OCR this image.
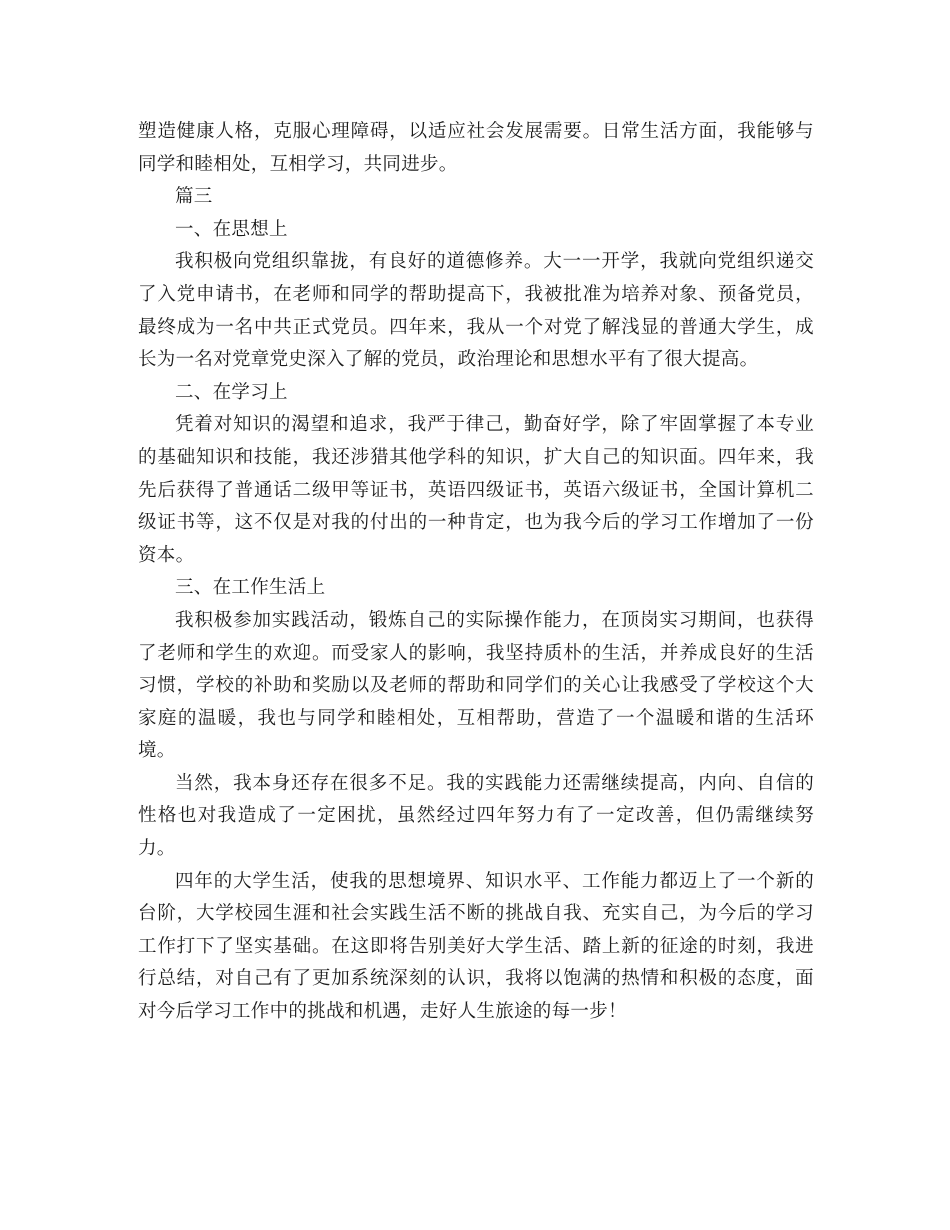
塑造健康人格，克服心理障碍，以适应社会发展需要。日常生活方面，我能够与同学和睦相处，互相学习，共同进步。

篇三

一、在思想上

我积极向党组织靠拢，有良好的道德修养。大一一开学，我就向党组织递交了入党申请书，在老师和同学的帮助提高下，我被批准为培养对象、预备党员，最终成为一名中共正式党员。四年来，我从一个对党了解浅显的普通大学生，成长为一名对党章党史深入了解的党员，政治理论和思想水平有了很大提高。

二、在学习上

凭着对知识的渴望和追求，我严于律己，勤奋好学，除了牢固掌握了本专业的基础知识和技能，我还涉猎其他学科的知识，扩大自己的知识面。四年来，我先后获得了普通话二级甲等证书，英语四级证书，英语六级证书，全国计算机二级证书等，这不仅是对我的付出的一种肯定，也为我今后的学习工作增加了一份资本。

三、在工作生活上

我积极参加实践活动，锻炼自己的实际操作能力，在顶岗实习期间，也获得了老师和学生的欢迎。而受家人的影响，我坚持质朴的生活，并养成良好的生活习惯，学校的补助和奖励以及老师的帮助和同学们的关心让我感受了学校这个大家庭的温暖，我也与同学和睦相处，互相帮助，营造了一个温暖和谐的生活环境。

当然，我本身还存在很多不足。我的实践能力还需继续提高，内向、自信的性格也对我造成了一定困扰，虽然经过四年努力有了一定改善，但仍需继续努力。

四年的大学生活，使我的思想境界、知识水平、工作能力都迈上了一个新的台阶，大学校园生涯和社会实践生活不断的挑战自我、充实自己，为今后的学习工作打下了坚实基础。在这即将告别美好大学生活、踏上新的征途的时刻，我进行总结，对自己有了更加系统深刻的认识，我将以饱满的热情和积极的态度，面对今后学习工作中的挑战和机遇，走好人生旅途的每一步！
